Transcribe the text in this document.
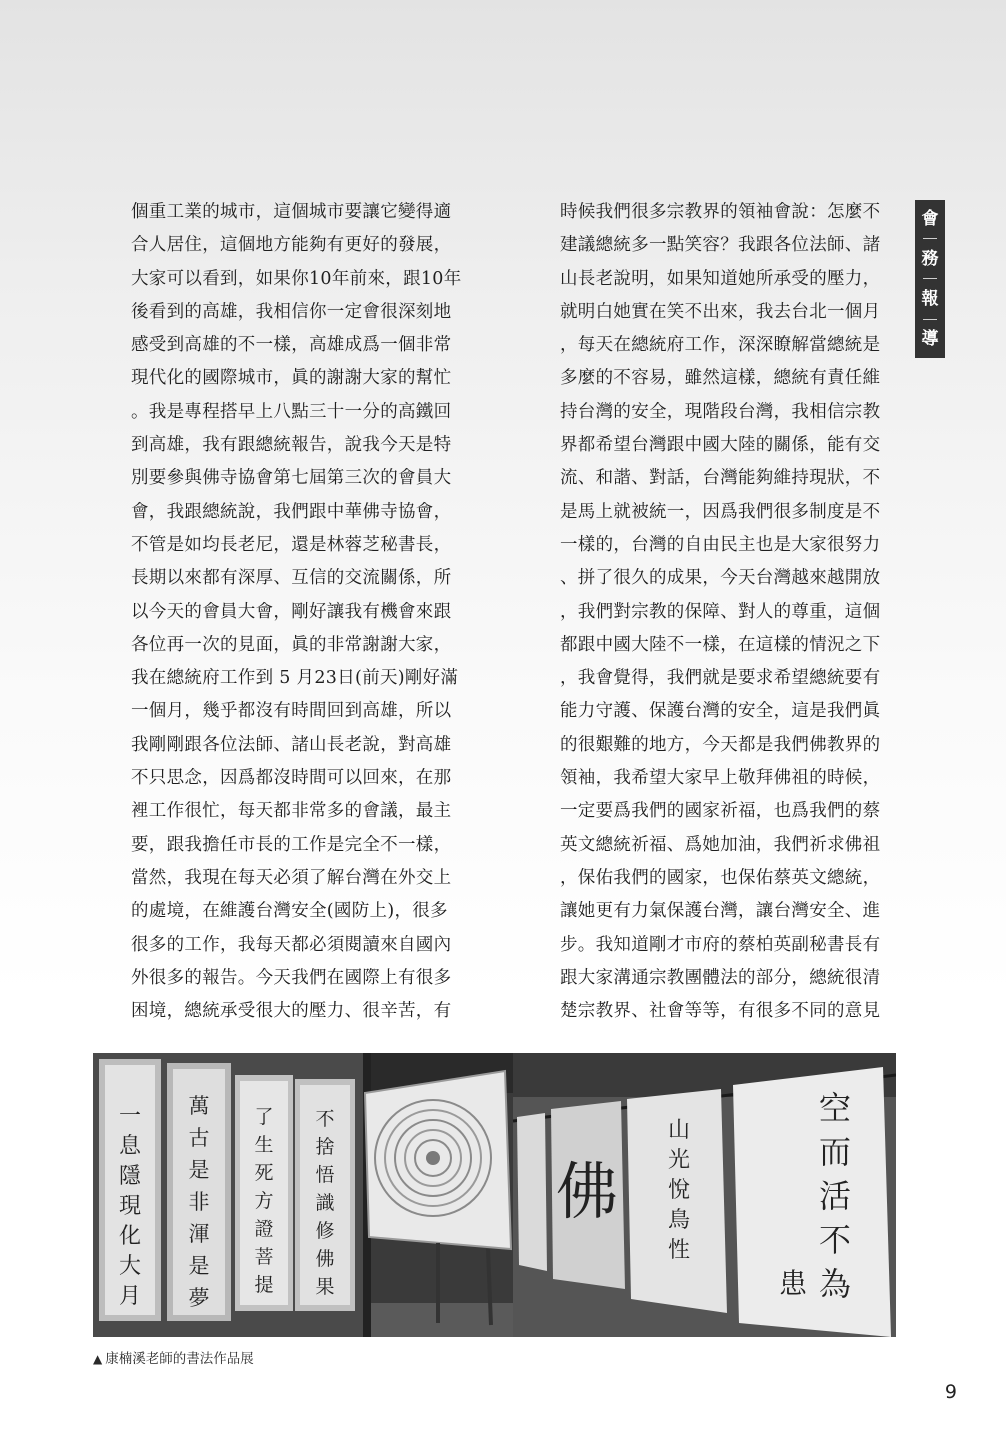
會
務
報
導
個重工業的城市，這個城市要讓它變得適
合人居住，這個地方能夠有更好的發展，
大家可以看到，如果你10年前來，跟10年
後看到的高雄，我相信你一定會很深刻地
感受到高雄的不一樣，高雄成爲一個非常
現代化的國際城市，眞的謝謝大家的幫忙
。我是專程搭早上八點三十一分的高鐵回
到高雄，我有跟總統報告，說我今天是特
別要參與佛寺協會第七屆第三次的會員大
會，我跟總統說，我們跟中華佛寺協會，
不管是如均長老尼，還是林蓉芝秘書長，
長期以來都有深厚、互信的交流關係，所
以今天的會員大會，剛好讓我有機會來跟
各位再一次的見面，眞的非常謝謝大家，
我在總統府工作到 5 月23日(前天)剛好滿
一個月，幾乎都沒有時間回到高雄，所以
我剛剛跟各位法師、諸山長老說，對高雄
不只思念，因爲都沒時間可以回來，在那
裡工作很忙，每天都非常多的會議，最主
要，跟我擔任市長的工作是完全不一樣，
當然，我現在每天必須了解台灣在外交上
的處境，在維護台灣安全(國防上)，很多
很多的工作，我每天都必須閱讀來自國內
外很多的報告。今天我們在國際上有很多
困境，總統承受很大的壓力、很辛苦，有
時候我們很多宗教界的領袖會說：怎麼不
建議總統多一點笑容？我跟各位法師、諸
山長老說明，如果知道她所承受的壓力，
就明白她實在笑不出來，我去台北一個月
，每天在總統府工作，深深瞭解當總統是
多麼的不容易，雖然這樣，總統有責任維
持台灣的安全，現階段台灣，我相信宗教
界都希望台灣跟中國大陸的關係，能有交
流、和諧、對話，台灣能夠維持現狀，不
是馬上就被統一，因爲我們很多制度是不
一樣的，台灣的自由民主也是大家很努力
、拼了很久的成果，今天台灣越來越開放
，我們對宗教的保障、對人的尊重，這個
都跟中國大陸不一樣，在這樣的情況之下
，我會覺得，我們就是要求希望總統要有
能力守護、保護台灣的安全，這是我們眞
的很艱難的地方，今天都是我們佛教界的
領袖，我希望大家早上敬拜佛祖的時候，
一定要爲我們的國家祈福，也爲我們的蔡
英文總統祈福、爲她加油，我們祈求佛祖
，保佑我們的國家，也保佑蔡英文總統，
讓她更有力氣保護台灣，讓台灣安全、進
步。我知道剛才市府的蔡柏英副秘書長有
跟大家溝通宗教團體法的部分，總統很清
楚宗教界、社會等等，有很多不同的意見
一
息
隱
現
化
大
月
萬
古
是
非
渾
是
夢
了
生
死
方
證
菩
提
不
捨
悟
識
修
佛
果
佛
山
光
悅
鳥
性
空
而
活
不
為
患
▲ 康楠溪老師的書法作品展
9
